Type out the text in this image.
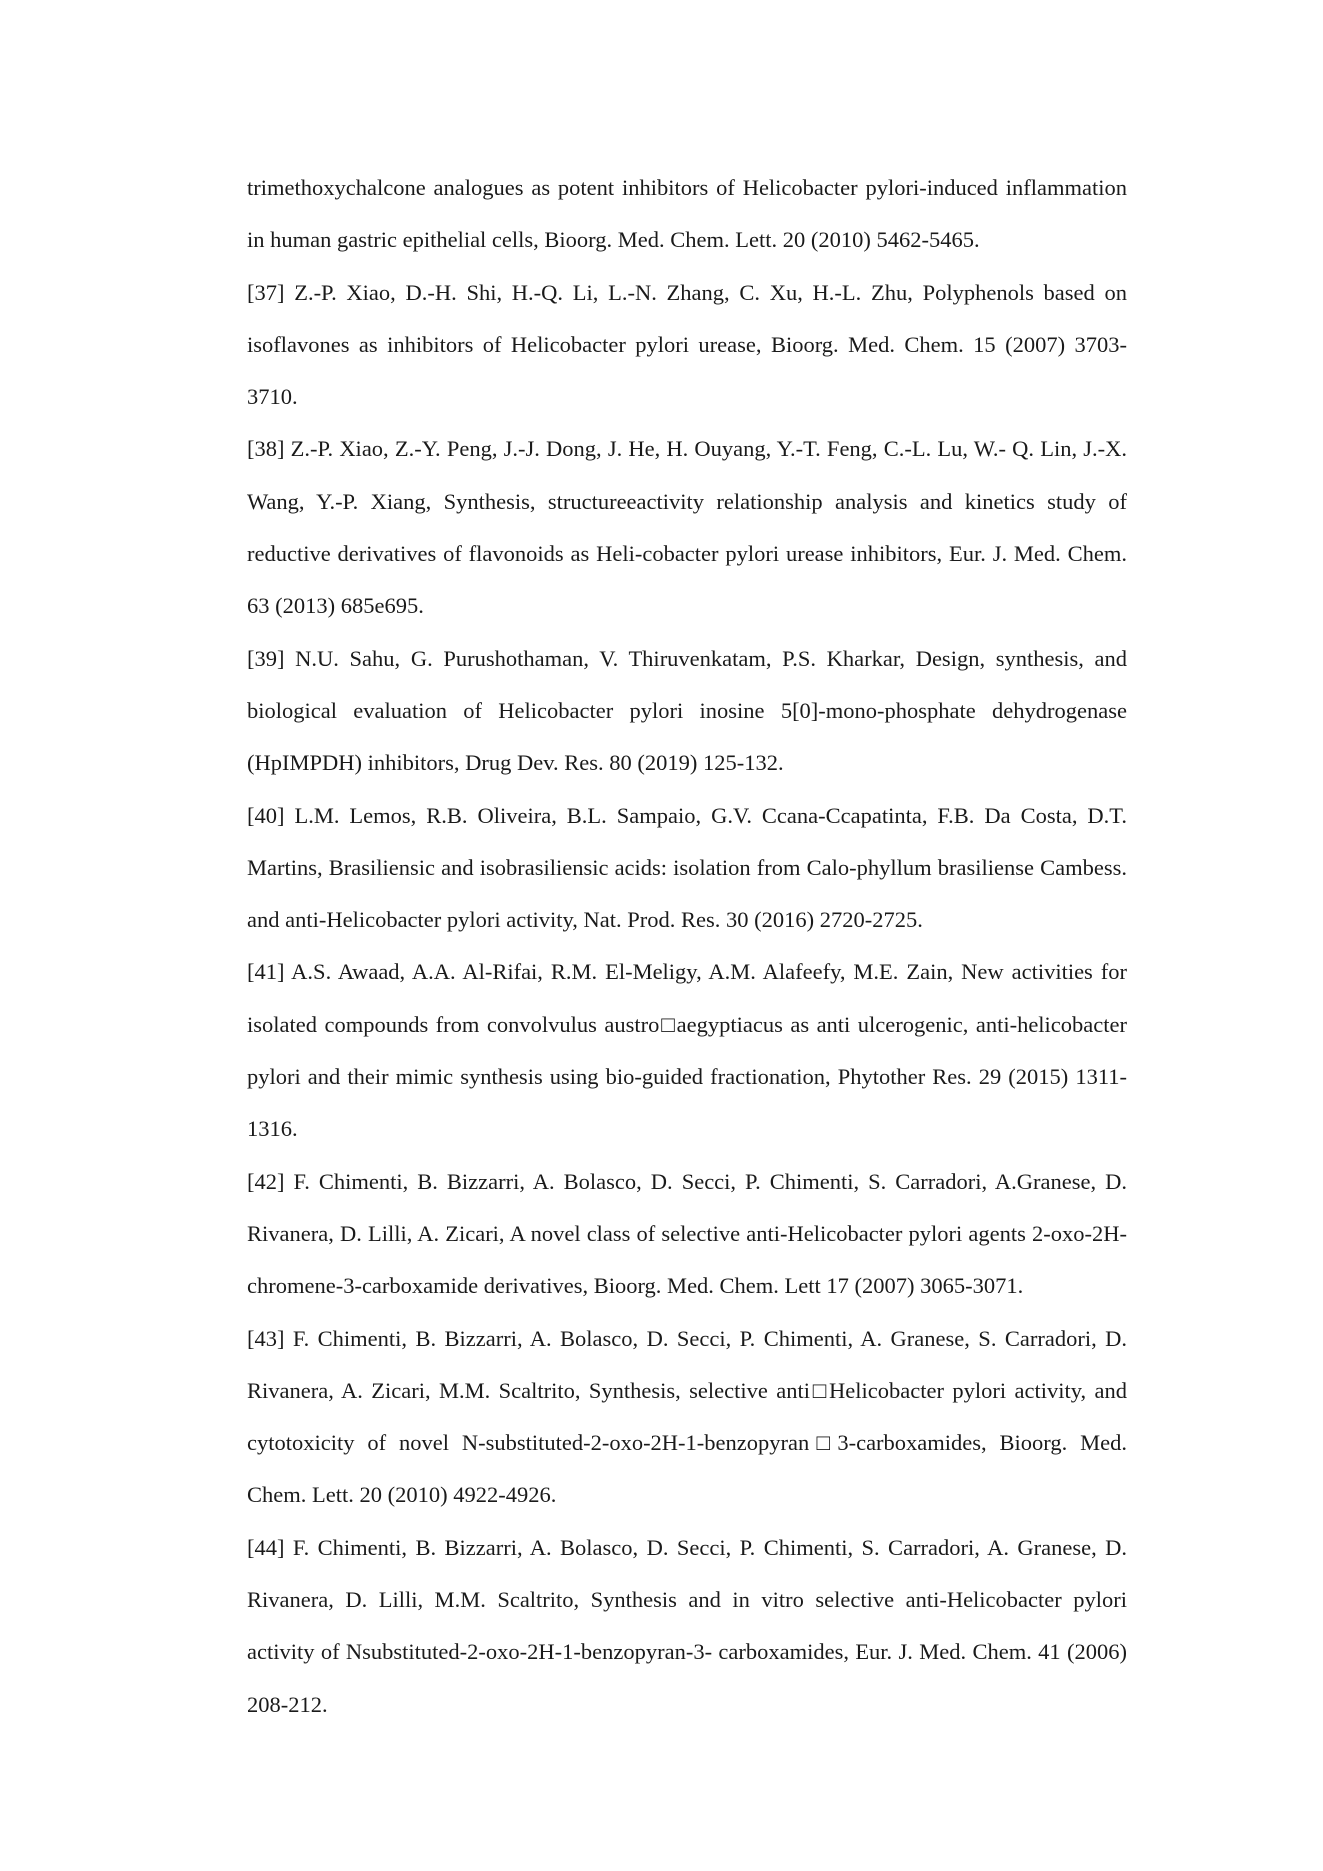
trimethoxychalcone analogues as potent inhibitors of Helicobacter pylori-induced inflammation in human gastric epithelial cells, Bioorg. Med. Chem. Lett. 20 (2010) 5462-5465.

[37] Z.-P. Xiao, D.-H. Shi, H.-Q. Li, L.-N. Zhang, C. Xu, H.-L. Zhu, Polyphenols based on isoflavones as inhibitors of Helicobacter pylori urease, Bioorg. Med. Chem. 15 (2007) 3703-3710.

[38] Z.-P. Xiao, Z.-Y. Peng, J.-J. Dong, J. He, H. Ouyang, Y.-T. Feng, C.-L. Lu, W.- Q. Lin, J.-X. Wang, Y.-P. Xiang, Synthesis, structureeactivity relationship analysis and kinetics study of reductive derivatives of flavonoids as Heli-cobacter pylori urease inhibitors, Eur. J. Med. Chem. 63 (2013) 685e695.

[39] N.U. Sahu, G. Purushothaman, V. Thiruvenkatam, P.S. Kharkar, Design, synthesis, and biological evaluation of Helicobacter pylori inosine 5[0]-mono-phosphate dehydrogenase (HpIMPDH) inhibitors, Drug Dev. Res. 80 (2019) 125-132.

[40] L.M. Lemos, R.B. Oliveira, B.L. Sampaio, G.V. Ccana-Ccapatinta, F.B. Da Costa, D.T. Martins, Brasiliensic and isobrasiliensic acids: isolation from Calo-phyllum brasiliense Cambess. and anti-Helicobacter pylori activity, Nat. Prod. Res. 30 (2016) 2720-2725.

[41] A.S. Awaad, A.A. Al-Rifai, R.M. El-Meligy, A.M. Alafeefy, M.E. Zain, New activities for isolated compounds from convolvulus austro□aegyptiacus as anti ulcerogenic, anti-helicobacter pylori and their mimic synthesis using bio-guided fractionation, Phytother Res. 29 (2015) 1311-1316.

[42] F. Chimenti, B. Bizzarri, A. Bolasco, D. Secci, P. Chimenti, S. Carradori, A.Granese, D. Rivanera, D. Lilli, A. Zicari, A novel class of selective anti-Helicobacter pylori agents 2-oxo-2H-chromene-3-carboxamide derivatives, Bioorg. Med. Chem. Lett 17 (2007) 3065-3071.

[43] F. Chimenti, B. Bizzarri, A. Bolasco, D. Secci, P. Chimenti, A. Granese, S. Carradori, D. Rivanera, A. Zicari, M.M. Scaltrito, Synthesis, selective anti□Helicobacter pylori activity, and cytotoxicity of novel N-substituted-2-oxo-2H-1-benzopyran□3-carboxamides, Bioorg. Med. Chem. Lett. 20 (2010) 4922-4926.

[44] F. Chimenti, B. Bizzarri, A. Bolasco, D. Secci, P. Chimenti, S. Carradori, A. Granese, D. Rivanera, D. Lilli, M.M. Scaltrito, Synthesis and in vitro selective anti-Helicobacter pylori activity of Nsubstituted-2-oxo-2H-1-benzopyran-3- carboxamides, Eur. J. Med. Chem. 41 (2006) 208-212.
